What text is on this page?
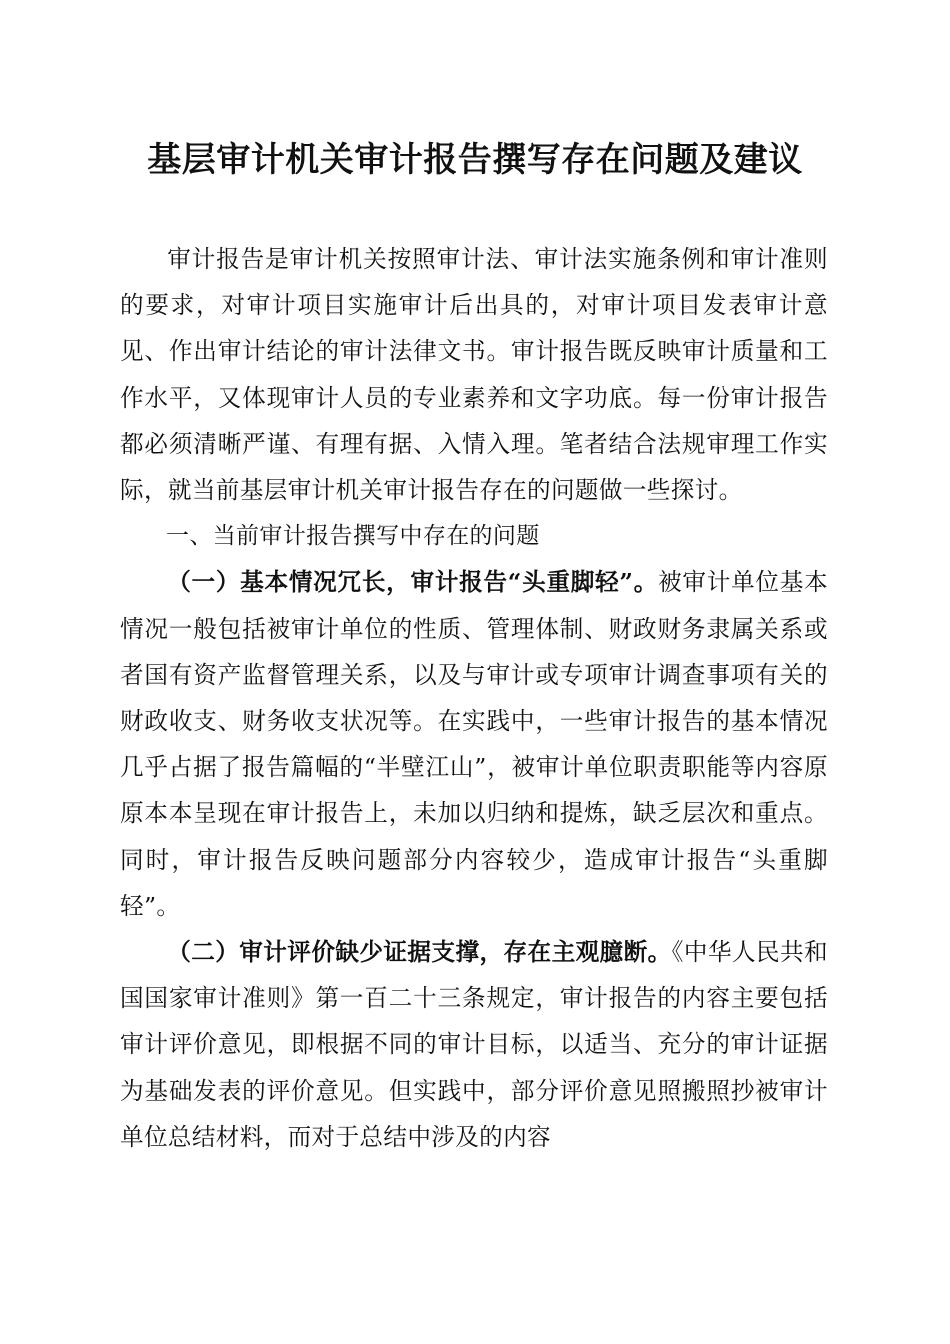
基层审计机关审计报告撰写存在问题及建议

审计报告是审计机关按照审计法、审计法实施条例和审计准则的要求，对审计项目实施审计后出具的，对审计项目发表审计意见、作出审计结论的审计法律文书。审计报告既反映审计质量和工作水平，又体现审计人员的专业素养和文字功底。每一份审计报告都必须清晰严谨、有理有据、入情入理。笔者结合法规审理工作实际，就当前基层审计机关审计报告存在的问题做一些探讨。

一、当前审计报告撰写中存在的问题

（一）基本情况冗长，审计报告“头重脚轻”。被审计单位基本情况一般包括被审计单位的性质、管理体制、财政财务隶属关系或者国有资产监督管理关系，以及与审计或专项审计调查事项有关的财政收支、财务收支状况等。在实践中，一些审计报告的基本情况几乎占据了报告篇幅的“半壁江山”，被审计单位职责职能等内容原原本本呈现在审计报告上，未加以归纳和提炼，缺乏层次和重点。同时，审计报告反映问题部分内容较少，造成审计报告“头重脚轻”。

（二）审计评价缺少证据支撑，存在主观臆断。《中华人民共和国国家审计准则》第一百二十三条规定，审计报告的内容主要包括审计评价意见，即根据不同的审计目标，以适当、充分的审计证据为基础发表的评价意见。但实践中，部分评价意见照搬照抄被审计单位总结材料，而对于总结中涉及的内容
